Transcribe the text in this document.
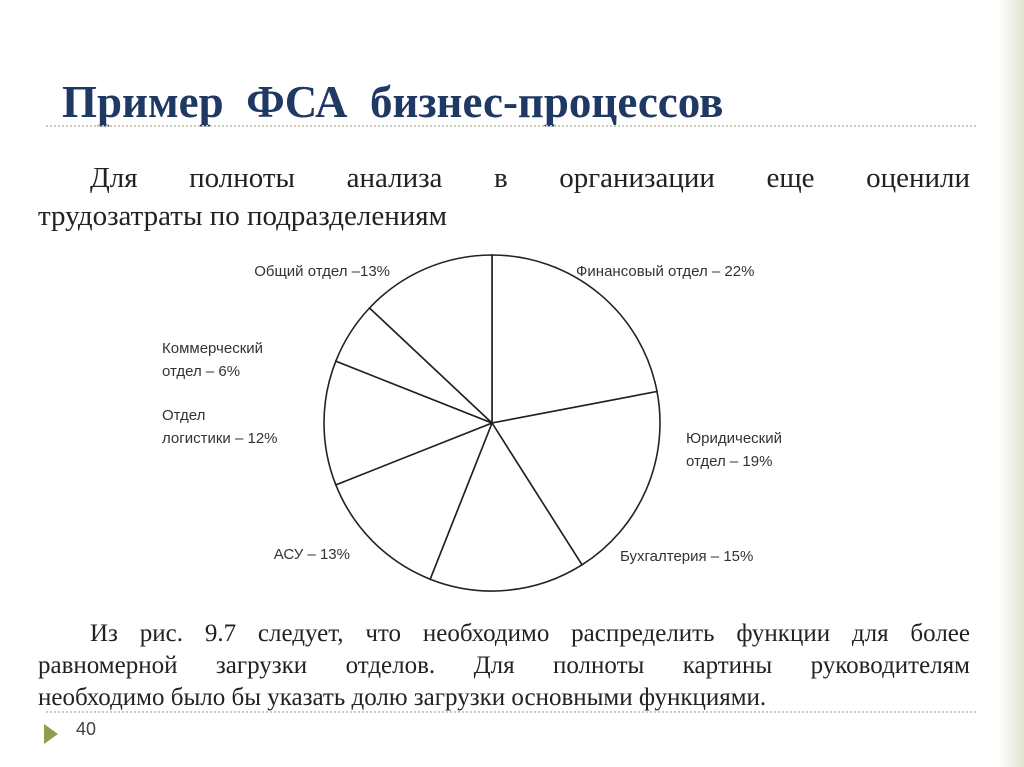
Пример  ФСА  бизнес-процессов

Для полноты анализа в организации еще оценили
трудозатраты по подразделениям

Финансовый отдел – 22%
Юридический отдел – 19%
Бухгалтерия – 15%
АСУ – 13%
Отдел логистики – 12%
Коммерческий отдел – 6%
Общий отдел –13%

Из рис. 9.7 следует, что необходимо распределить функции для более
равномерной загрузки отделов. Для полноты картины руководителям
необходимо было бы указать долю загрузки основными функциями.

40
